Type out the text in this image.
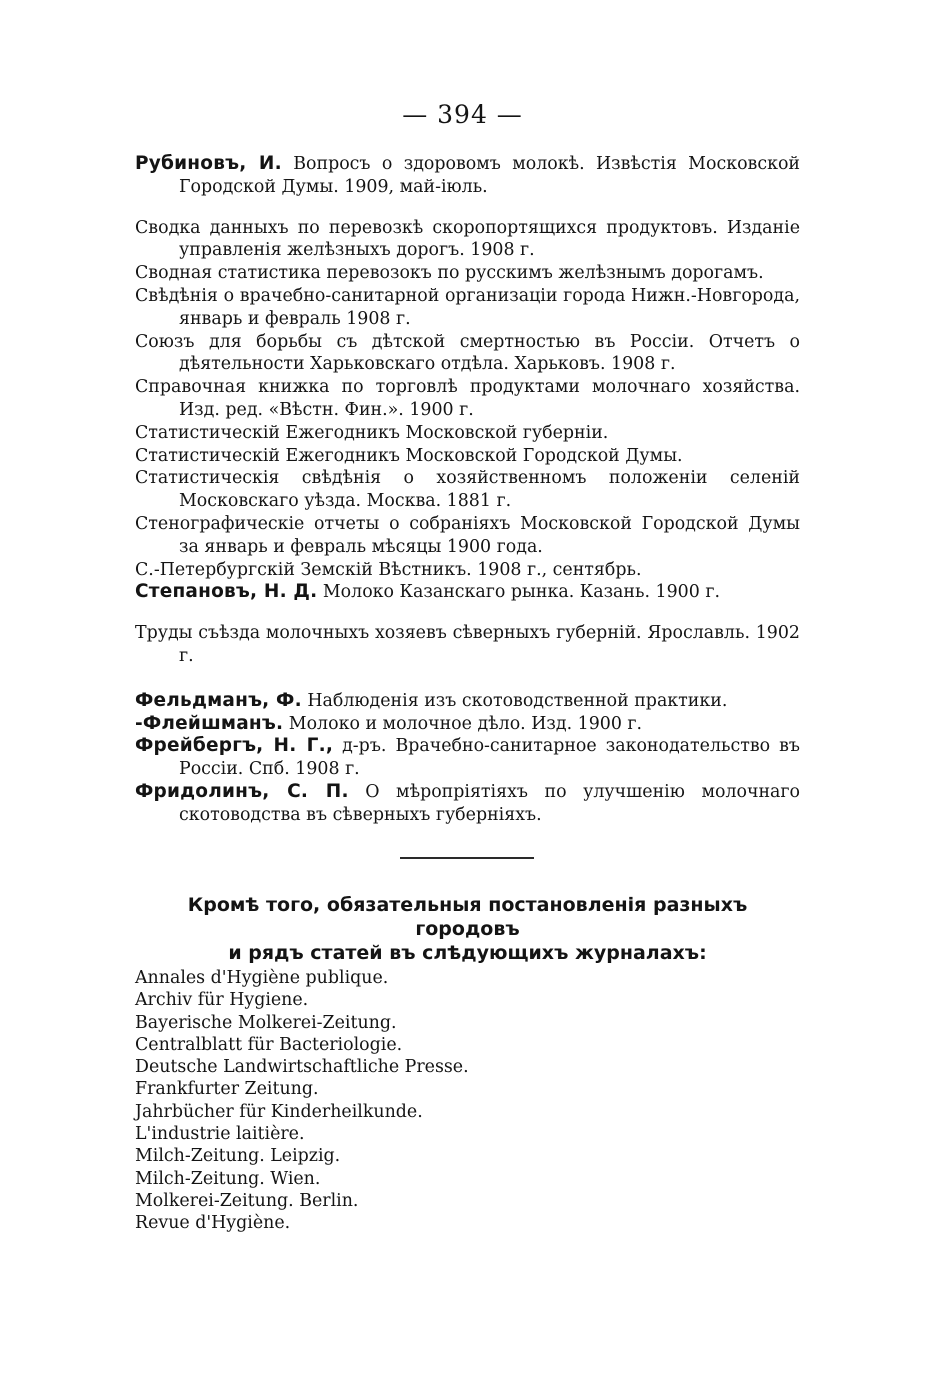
— 394 —

Рубиновъ, И. Вопросъ о здоровомъ молокѣ. Извѣстія Московской Городской Думы. 1909, май-іюль.

Сводка данныхъ по перевозкѣ скоропортящихся продуктовъ. Изданіе управленія желѣзныхъ дорогъ. 1908 г.

Сводная статистика перевозокъ по русскимъ желѣзнымъ дорогамъ.

Свѣдѣнія о врачебно-санитарной организаціи города Нижн.-Новгорода, январь и февраль 1908 г.

Союзъ для борьбы съ дѣтской смертностью въ Россіи. Отчетъ о дѣятельности Харьковскаго отдѣла. Харьковъ. 1908 г.

Справочная книжка по торговлѣ продуктами молочнаго хозяйства. Изд. ред. «Вѣстн. Фин.». 1900 г.

Статистическій Ежегодникъ Московской губерніи.

Статистическій Ежегодникъ Московской Городской Думы.

Статистическія свѣдѣнія о хозяйственномъ положеніи селеній Московскаго уѣзда. Москва. 1881 г.

Стенографическіе отчеты о собраніяхъ Московской Городской Думы за январь и февраль мѣсяцы 1900 года.

С.-Петербургскій Земскій Вѣстникъ. 1908 г., сентябрь.

Степановъ, Н. Д. Молоко Казанскаго рынка. Казань. 1900 г.

Труды съѣзда молочныхъ хозяевъ сѣверныхъ губерній. Ярославль. 1902 г.

Фельдманъ, Ф. Наблюденія изъ скотоводственной практики.

-Флейшманъ. Молоко и молочное дѣло. Изд. 1900 г.

Фрейбергъ, Н. Г., д-ръ. Врачебно-санитарное законодательство въ Россіи. Спб. 1908 г.

Фридолинъ, С. П. О мѣропріятіяхъ по улучшенію молочнаго скотоводства въ сѣверныхъ губерніяхъ.

Кромѣ того, обязательныя постановленія разныхъ городовъ
и рядъ статей въ слѣдующихъ журналахъ:
Annales d'Hygiène publique.
Archiv für Hygiene.
Bayerische Molkerei-Zeitung.
Centralblatt für Bacteriologie.
Deutsche Landwirtschaftliche Presse.
Frankfurter Zeitung.
Jahrbücher für Kinderheilkunde.
L'industrie laitière.
Milch-Zeitung. Leipzig.
Milch-Zeitung. Wien.
Molkerei-Zeitung. Berlin.
Revue d'Hygiène.
